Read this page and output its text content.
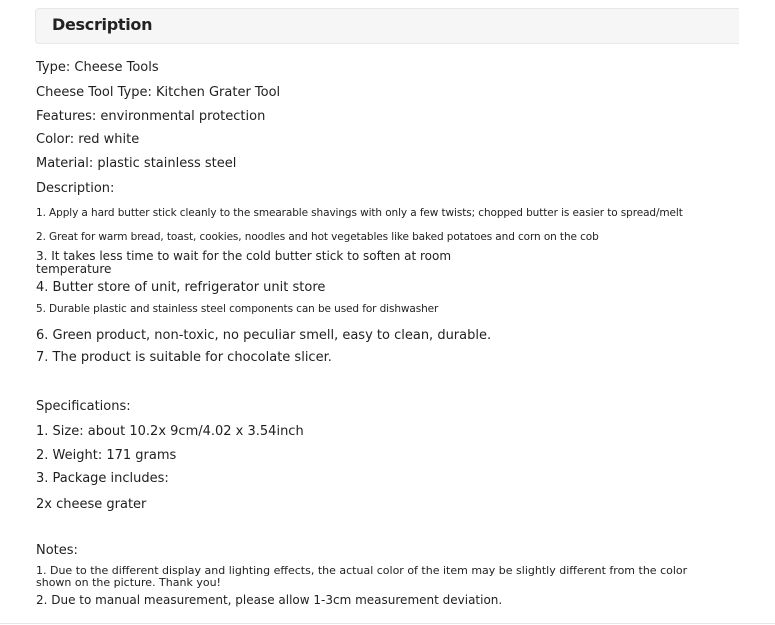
Description
Type: Cheese Tools
Cheese Tool Type: Kitchen Grater Tool
Features: environmental protection
Color: red white
Material: plastic stainless steel
Description:
1. Apply a hard butter stick cleanly to the smearable shavings with only a few twists; chopped butter is easier to spread/melt
2. Great for warm bread, toast, cookies, noodles and hot vegetables like baked potatoes and corn on the cob
3. It takes less time to wait for the cold butter stick to soften at room
temperature
4. Butter store of unit, refrigerator unit store
5. Durable plastic and stainless steel components can be used for dishwasher
6. Green product, non-toxic, no peculiar smell, easy to clean, durable.
7. The product is suitable for chocolate slicer.
Specifications:
1. Size: about 10.2x 9cm/4.02 x 3.54inch
2. Weight: 171 grams
3. Package includes:
2x cheese grater
Notes:
1. Due to the different display and lighting effects, the actual color of the item may be slightly different from the color
shown on the picture. Thank you!
2. Due to manual measurement, please allow 1-3cm measurement deviation.
